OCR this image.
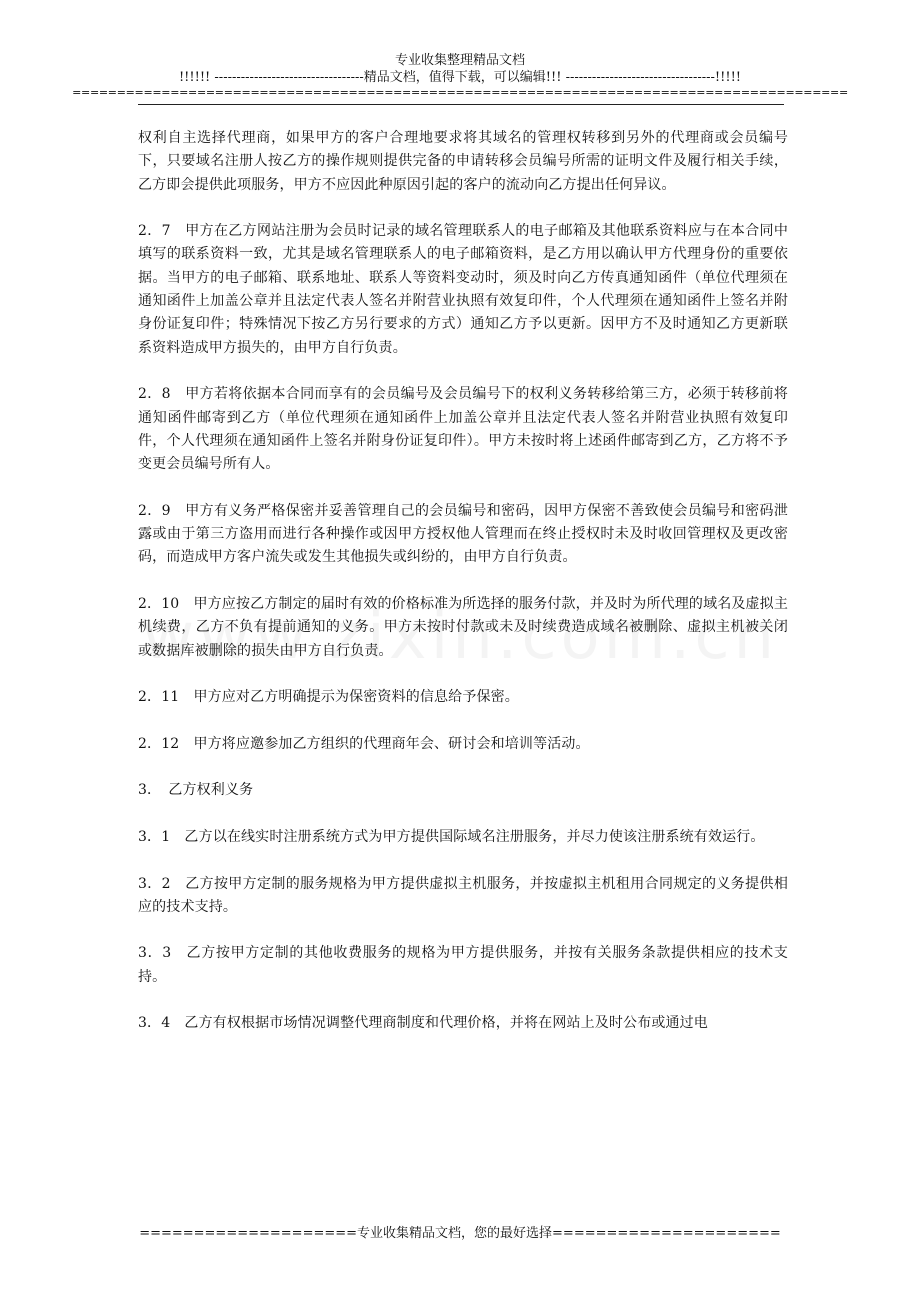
专业收集整理精品文档
!!!!!! ----------------------------------精品文档，值得下载，可以编辑!!! ----------------------------------!!!!!
=======================================================================================

权利自主选择代理商，如果甲方的客户合理地要求将其域名的管理权转移到另外的代理商或会员编号下，只要域名注册人按乙方的操作规则提供完备的申请转移会员编号所需的证明文件及履行相关手续，乙方即会提供此项服务，甲方不应因此种原因引起的客户的流动向乙方提出任何异议。

2．7　甲方在乙方网站注册为会员时记录的域名管理联系人的电子邮箱及其他联系资料应与在本合同中填写的联系资料一致，尤其是域名管理联系人的电子邮箱资料，是乙方用以确认甲方代理身份的重要依据。当甲方的电子邮箱、联系地址、联系人等资料变动时，须及时向乙方传真通知函件（单位代理须在通知函件上加盖公章并且法定代表人签名并附营业执照有效复印件，个人代理须在通知函件上签名并附身份证复印件；特殊情况下按乙方另行要求的方式）通知乙方予以更新。因甲方不及时通知乙方更新联系资料造成甲方损失的，由甲方自行负责。

2．8　甲方若将依据本合同而享有的会员编号及会员编号下的权利义务转移给第三方，必须于转移前将通知函件邮寄到乙方（单位代理须在通知函件上加盖公章并且法定代表人签名并附营业执照有效复印件，个人代理须在通知函件上签名并附身份证复印件）。甲方未按时将上述函件邮寄到乙方，乙方将不予变更会员编号所有人。

2．9　甲方有义务严格保密并妥善管理自己的会员编号和密码，因甲方保密不善致使会员编号和密码泄露或由于第三方盗用而进行各种操作或因甲方授权他人管理而在终止授权时未及时收回管理权及更改密码，而造成甲方客户流失或发生其他损失或纠纷的，由甲方自行负责。

2．10　甲方应按乙方制定的届时有效的价格标准为所选择的服务付款，并及时为所代理的域名及虚拟主机续费，乙方不负有提前通知的义务。甲方未按时付款或未及时续费造成域名被删除、虚拟主机被关闭或数据库被删除的损失由甲方自行负责。

2．11　甲方应对乙方明确提示为保密资料的信息给予保密。

2．12　甲方将应邀参加乙方组织的代理商年会、研讨会和培训等活动。

3．　乙方权利义务

3．1　乙方以在线实时注册系统方式为甲方提供国际域名注册服务，并尽力使该注册系统有效运行。

3．2　乙方按甲方定制的服务规格为甲方提供虚拟主机服务，并按虚拟主机租用合同规定的义务提供相应的技术支持。

3．3　乙方按甲方定制的其他收费服务的规格为甲方提供服务，并按有关服务条款提供相应的技术支持。

3．4　乙方有权根据市场情况调整代理商制度和代理价格，并将在网站上及时公布或通过电

====================专业收集精品文档，您的最好选择=====================
